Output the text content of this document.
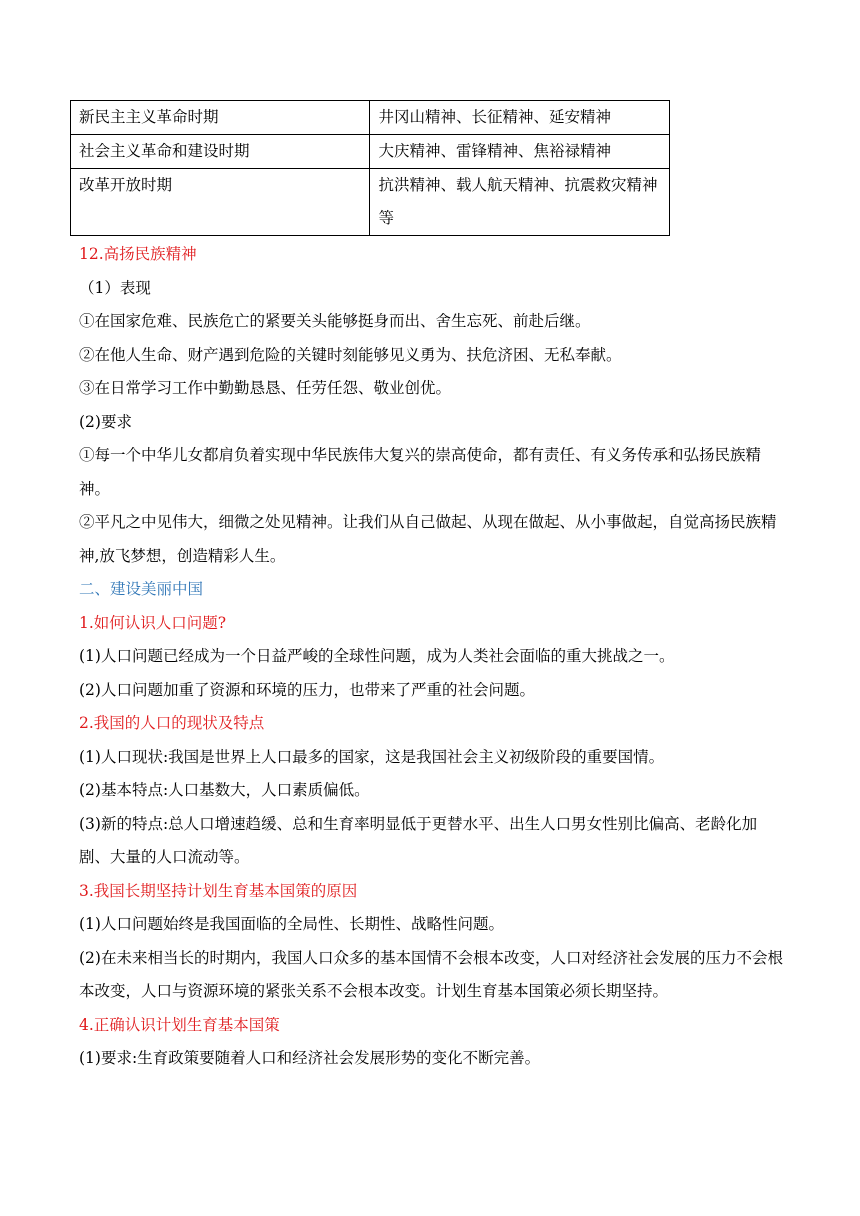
新民主主义革命时期	井冈山精神、长征精神、延安精神
社会主义革命和建设时期	大庆精神、雷锋精神、焦裕禄精神
改革开放时期	抗洪精神、载人航天精神、抗震救灾精神等

12.高扬民族精神

（1）表现

①在国家危难、民族危亡的紧要关头能够挺身而出、舍生忘死、前赴后继。

②在他人生命、财产遇到危险的关键时刻能够见义勇为、扶危济困、无私奉献。

③在日常学习工作中勤勤恳恳、任劳任怨、敬业创优。

(2)要求

①每一个中华儿女都肩负着实现中华民族伟大复兴的崇高使命，都有责任、有义务传承和弘扬民族精神。

②平凡之中见伟大，细微之处见精神。让我们从自己做起、从现在做起、从小事做起，自觉高扬民族精神,放飞梦想，创造精彩人生。

二、建设美丽中国

1.如何认识人口问题?

(1)人口问题已经成为一个日益严峻的全球性问题，成为人类社会面临的重大挑战之一。

(2)人口问题加重了资源和环境的压力，也带来了严重的社会问题。

2.我国的人口的现状及特点

(1)人口现状:我国是世界上人口最多的国家，这是我国社会主义初级阶段的重要国情。

(2)基本特点:人口基数大，人口素质偏低。

(3)新的特点:总人口增速趋缓、总和生育率明显低于更替水平、出生人口男女性别比偏高、老龄化加剧、大量的人口流动等。

3.我国长期坚持计划生育基本国策的原因

(1)人口问题始终是我国面临的全局性、长期性、战略性问题。

(2)在未来相当长的时期内，我国人口众多的基本国情不会根本改变，人口对经济社会发展的压力不会根本改变，人口与资源环境的紧张关系不会根本改变。计划生育基本国策必须长期坚持。

4.正确认识计划生育基本国策

(1)要求:生育政策要随着人口和经济社会发展形势的变化不断完善。
